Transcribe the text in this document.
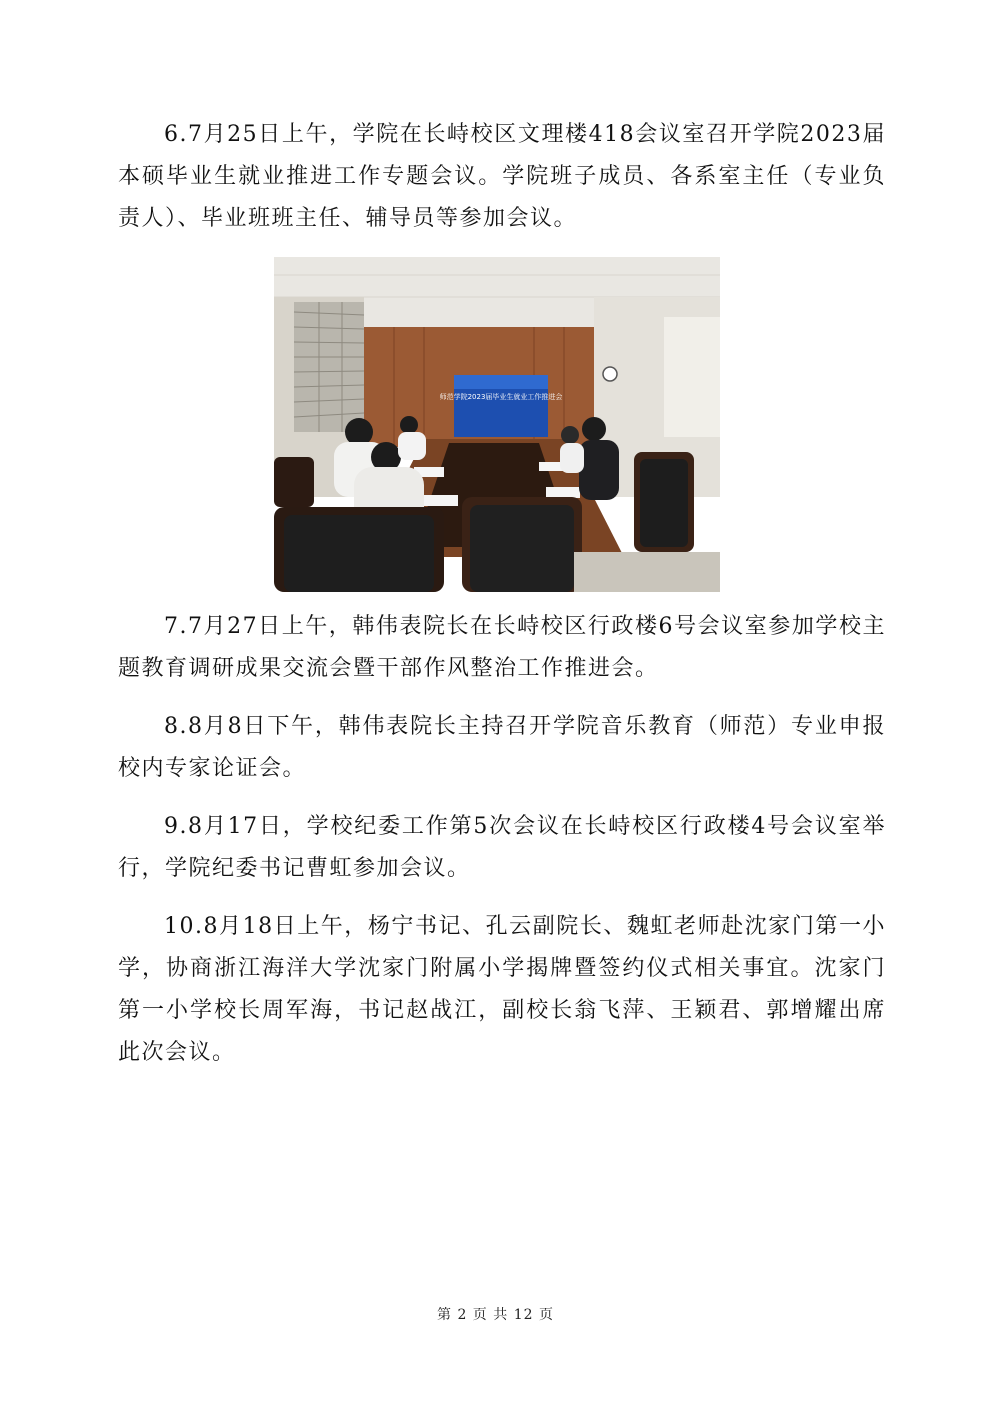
6.7月25日上午，学院在长峙校区文理楼418会议室召开学院2023届本硕毕业生就业推进工作专题会议。学院班子成员、各系室主任（专业负责人）、毕业班班主任、辅导员等参加会议。

师范学院2023届毕业生就业工作推进会

7.7月27日上午，韩伟表院长在长峙校区行政楼6号会议室参加学校主题教育调研成果交流会暨干部作风整治工作推进会。

8.8月8日下午，韩伟表院长主持召开学院音乐教育（师范）专业申报校内专家论证会。

9.8月17日，学校纪委工作第5次会议在长峙校区行政楼4号会议室举行，学院纪委书记曹虹参加会议。

10.8月18日上午，杨宁书记、孔云副院长、魏虹老师赴沈家门第一小学，协商浙江海洋大学沈家门附属小学揭牌暨签约仪式相关事宜。沈家门第一小学校长周军海，书记赵战江，副校长翁飞萍、王颖君、郭增耀出席此次会议。

第 2 页 共 12 页
